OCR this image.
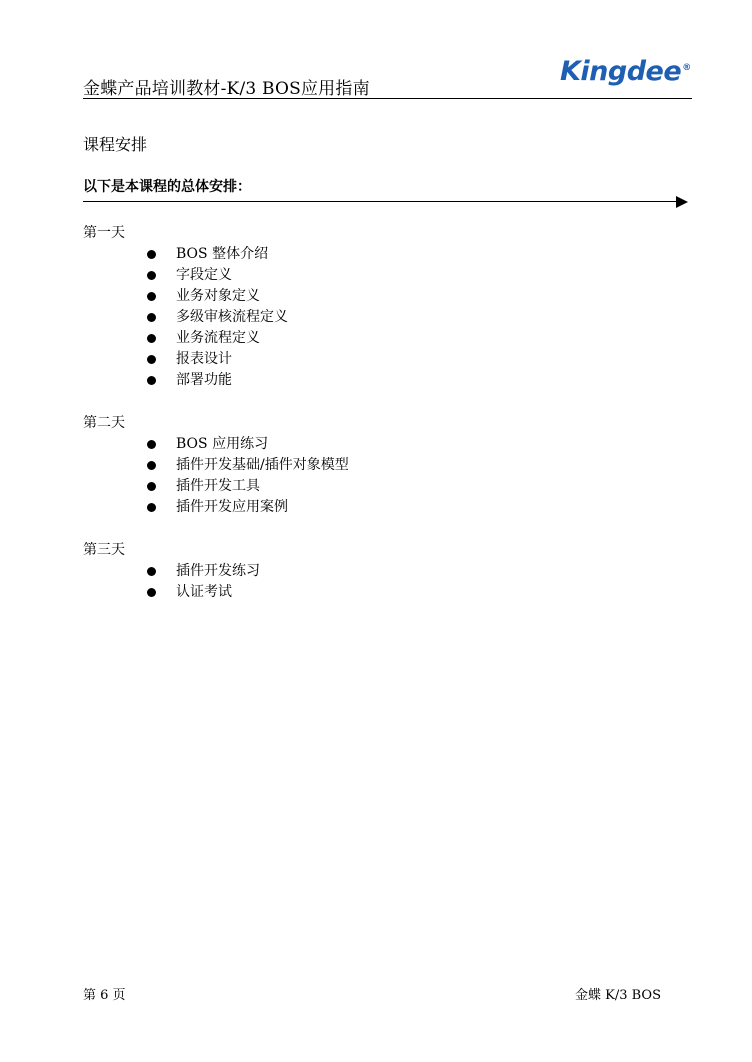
金蝶产品培训教材-K/3 BOS应用指南
Kingdee®
课程安排
以下是本课程的总体安排：
第一天
BOS 整体介绍
字段定义
业务对象定义
多级审核流程定义
业务流程定义
报表设计
部署功能
第二天
BOS 应用练习
插件开发基础/插件对象模型
插件开发工具
插件开发应用案例
第三天
插件开发练习
认证考试
第 6 页	金蝶 K/3 BOS
